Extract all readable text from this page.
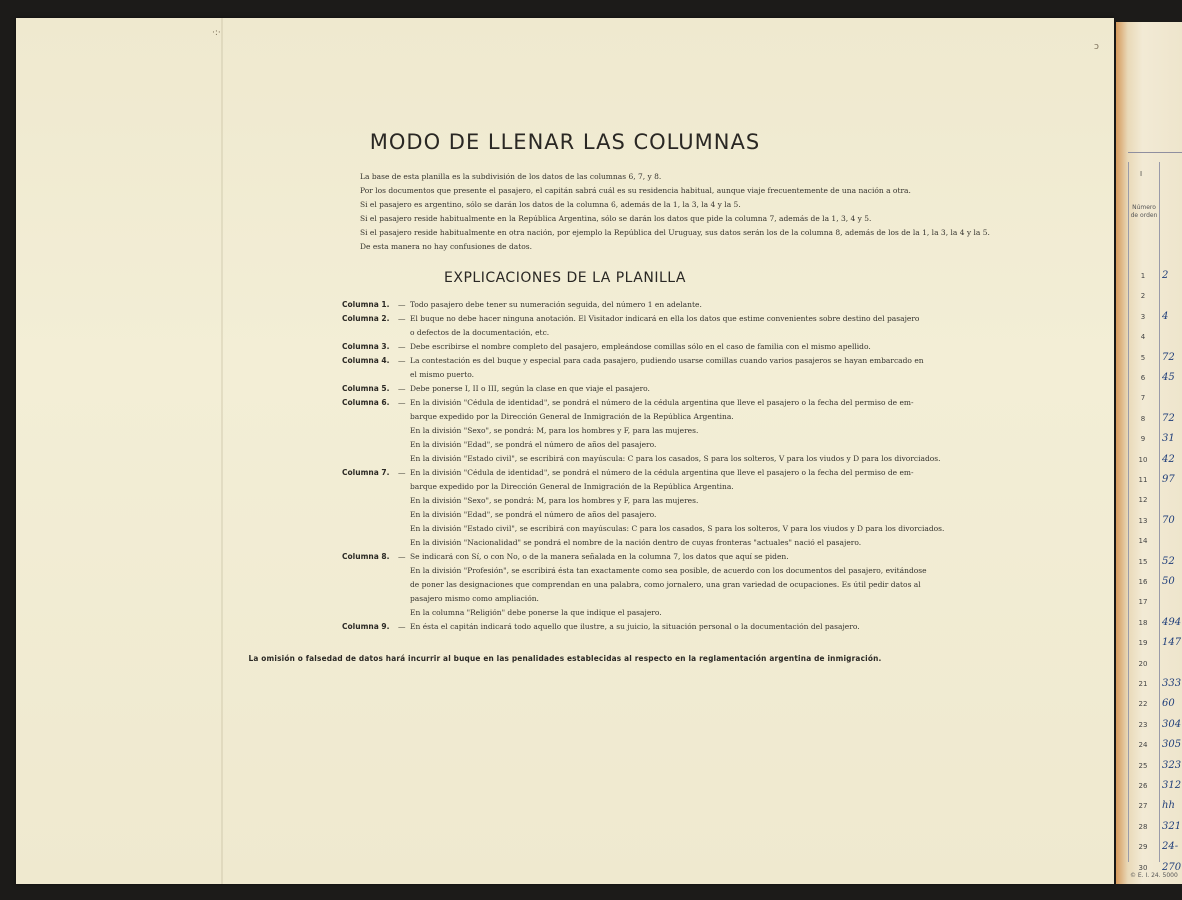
·:·
ɔ
MODO DE LLENAR LAS COLUMNAS

La base de esta planilla es la subdivisión de los datos de las columnas 6, 7, y 8.

Por los documentos que presente el pasajero, el capitán sabrá cuál es su residencia habitual, aunque viaje frecuentemente de una nación a otra.

Si el pasajero es argentino, sólo se darán los datos de la columna 6, además de la 1, la 3, la 4 y la 5.

Si el pasajero reside habitualmente en la República Argentina, sólo se darán los datos que pide la columna 7, además de la 1, 3, 4 y 5.

Si el pasajero reside habitualmente en otra nación, por ejemplo la República del Uruguay, sus datos serán los de la columna 8, además de los de la 1, la 3, la 4 y la 5.

De esta manera no hay confusiones de datos.

EXPLICACIONES DE LA PLANILLA
Columna 1.	— Todo pasajero debe tener su numeración seguida, del número 1 en adelante.

Columna 2.	— El buque no debe hacer ninguna anotación. El Visitador indicará en ella los datos que estime convenientes sobre destino del pasajero

o defectos de la documentación, etc.

Columna 3.	— Debe escribirse el nombre completo del pasajero, empleándose comillas sólo en el caso de familia con el mismo apellido.

Columna 4.	— La contestación es del buque y especial para cada pasajero, pudiendo usarse comillas cuando varios pasajeros se hayan embarcado en

el mismo puerto.

Columna 5.	— Debe ponerse I, II o III, según la clase en que viaje el pasajero.

Columna 6.	— En la división "Cédula de identidad", se pondrá el número de la cédula argentina que lleve el pasajero o la fecha del permiso de em-

barque expedido por la Dirección General de Inmigración de la República Argentina.

En la división "Sexo", se pondrá: M, para los hombres y F, para las mujeres.

En la división "Edad", se pondrá el número de años del pasajero.

En la división "Estado civil", se escribirá con mayúscula: C para los casados, S para los solteros, V para los viudos y D para los divorciados.

Columna 7.	— En la división "Cédula de identidad", se pondrá el número de la cédula argentina que lleve el pasajero o la fecha del permiso de em-

barque expedido por la Dirección General de Inmigración de la República Argentina.

En la división "Sexo", se pondrá: M, para los hombres y F, para las mujeres.

En la división "Edad", se pondrá el número de años del pasajero.

En la división "Estado civil", se escribirá con mayúsculas: C para los casados, S para los solteros, V para los viudos y D para los divorciados.

En la división "Nacionalidad" se pondrá el nombre de la nación dentro de cuyas fronteras "actuales" nació el pasajero.

Columna 8.	— Se indicará con Sí, o con No, o de la manera señalada en la columna 7, los datos que aquí se piden.

En la división "Profesión", se escribirá ésta tan exactamente como sea posible, de acuerdo con los documentos del pasajero, evitándose

de poner las designaciones que comprendan en una palabra, como jornalero, una gran variedad de ocupaciones. Es útil pedir datos al

pasajero mismo como ampliación.

En la columna "Religión" debe ponerse la que indique el pasajero.

Columna 9.	— En ésta el capitán indicará todo aquello que ilustre, a su juicio, la situación personal o la documentación del pasajero.

La omisión o falsedad de datos hará incurrir al buque en las penalidades establecidas al respecto en la reglamentación argentina de inmigración.
I
Número de orden
1	2
2
3	4
4
5	72
6	45
7
8	72
9	31
10	42
11	97
12
13	70
14
15	52
16	50
17
18	494
19	147
20
21	333
22	60
23	304
24	305
25	323
26	312
27	hh
28	321
29	24-
30	270
© E. I. 24. 5000
